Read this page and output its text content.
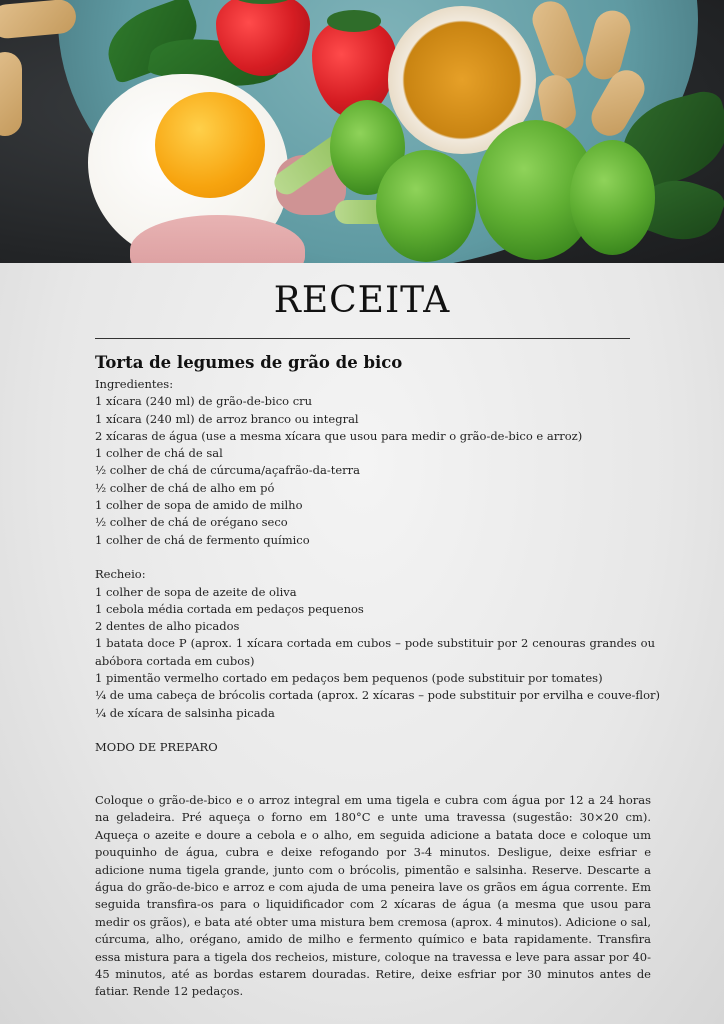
RECEITA
Torta de legumes de grão de bico
Ingredientes:
1 xícara (240 ml) de grão-de-bico cru
1 xícara (240 ml) de arroz branco ou integral
2 xícaras de água (use a mesma xícara que usou para medir o grão-de-bico e arroz)
1 colher de chá de sal
½ colher de chá de cúrcuma/açafrão-da-terra
½ colher de chá de alho em pó
1 colher de sopa de amido de milho
½ colher de chá de orégano seco
1 colher de chá de fermento químico
Recheio:
1 colher de sopa de azeite de oliva
1 cebola média cortada em pedaços pequenos
2 dentes de alho picados
1 batata doce P (aprox. 1 xícara cortada em cubos – pode substituir por 2 cenouras grandes ou abóbora cortada em cubos)
1 pimentão vermelho cortado em pedaços bem pequenos (pode substituir por tomates)
¼ de uma cabeça de brócolis cortada (aprox. 2 xícaras – pode substituir por ervilha e couve-flor)
¼ de xícara de salsinha picada
MODO DE PREPARO
Coloque o grão-de-bico e o arroz integral em uma tigela e cubra com água por 12 a 24 horas na geladeira. Pré aqueça o forno em 180°C e unte uma travessa (sugestão: 30×20 cm). Aqueça o azeite e doure a cebola e o alho, em seguida adicione a batata doce e coloque um pouquinho de água, cubra e deixe refogando por 3-4 minutos. Desligue, deixe esfriar e adicione numa tigela grande, junto com o brócolis, pimentão e salsinha. Reserve. Descarte a água do grão-de-bico e arroz e com ajuda de uma peneira lave os grãos em água corrente. Em seguida transfira-os para o liquidificador com 2 xícaras de água (a mesma que usou para medir os grãos), e bata até obter uma mistura bem cremosa (aprox. 4 minutos). Adicione o sal, cúrcuma, alho, orégano, amido de milho e fermento químico e bata rapidamente. Transfira essa mistura para a tigela dos recheios, misture, coloque na travessa e leve para assar por 40-45 minutos, até as bordas estarem douradas. Retire, deixe esfriar por 30 minutos antes de fatiar. Rende 12 pedaços.
